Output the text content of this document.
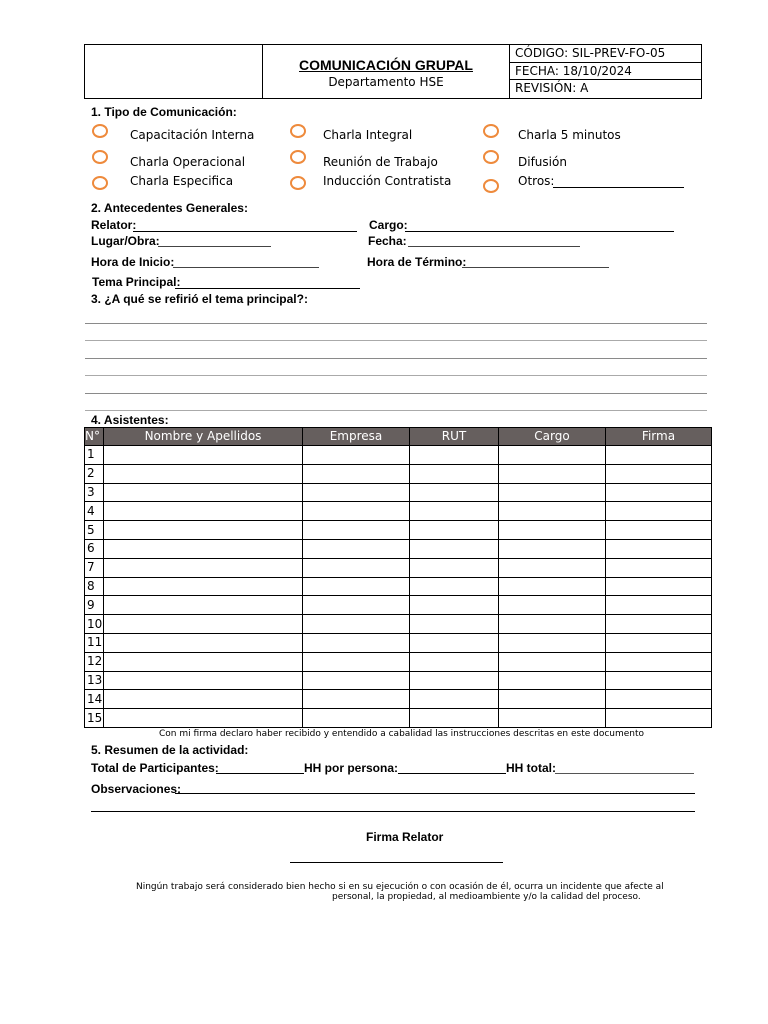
COMUNICACIÓN GRUPAL
Departamento HSE
CÓDIGO: SIL-PREV-FO-05
FECHA: 18/10/2024
REVISIÓN: A
1. Tipo de Comunicación:
Capacitación Interna	Charla Integral	Charla 5 minutos
Charla Operacional	Reunión de Trabajo	Difusión
Charla Especifica	Inducción Contratista	Otros:
2. Antecedentes Generales:
Relator:	Cargo:
Lugar/Obra:	Fecha:
Hora de Inicio:	Hora de Término:
Tema Principal:
3. ¿A qué se refirió el tema principal?:
4. Asistentes:
N°	Nombre y Apellidos	Empresa	RUT	Cargo	Firma
1					
2					
3					
4					
5					
6					
7					
8					
9					
10					
11					
12					
13					
14					
15					
Con mi firma declaro haber recibido y entendido a cabalidad las instrucciones descritas en este documento
5. Resumen de la actividad:
Total de Participantes:	HH por persona:	HH total:
Observaciones:
Firma Relator
Ningún trabajo será considerado bien hecho si en su ejecución o con ocasión de él, ocurra un incidente que afecte al
personal, la propiedad, al medioambiente y/o la calidad del proceso.
